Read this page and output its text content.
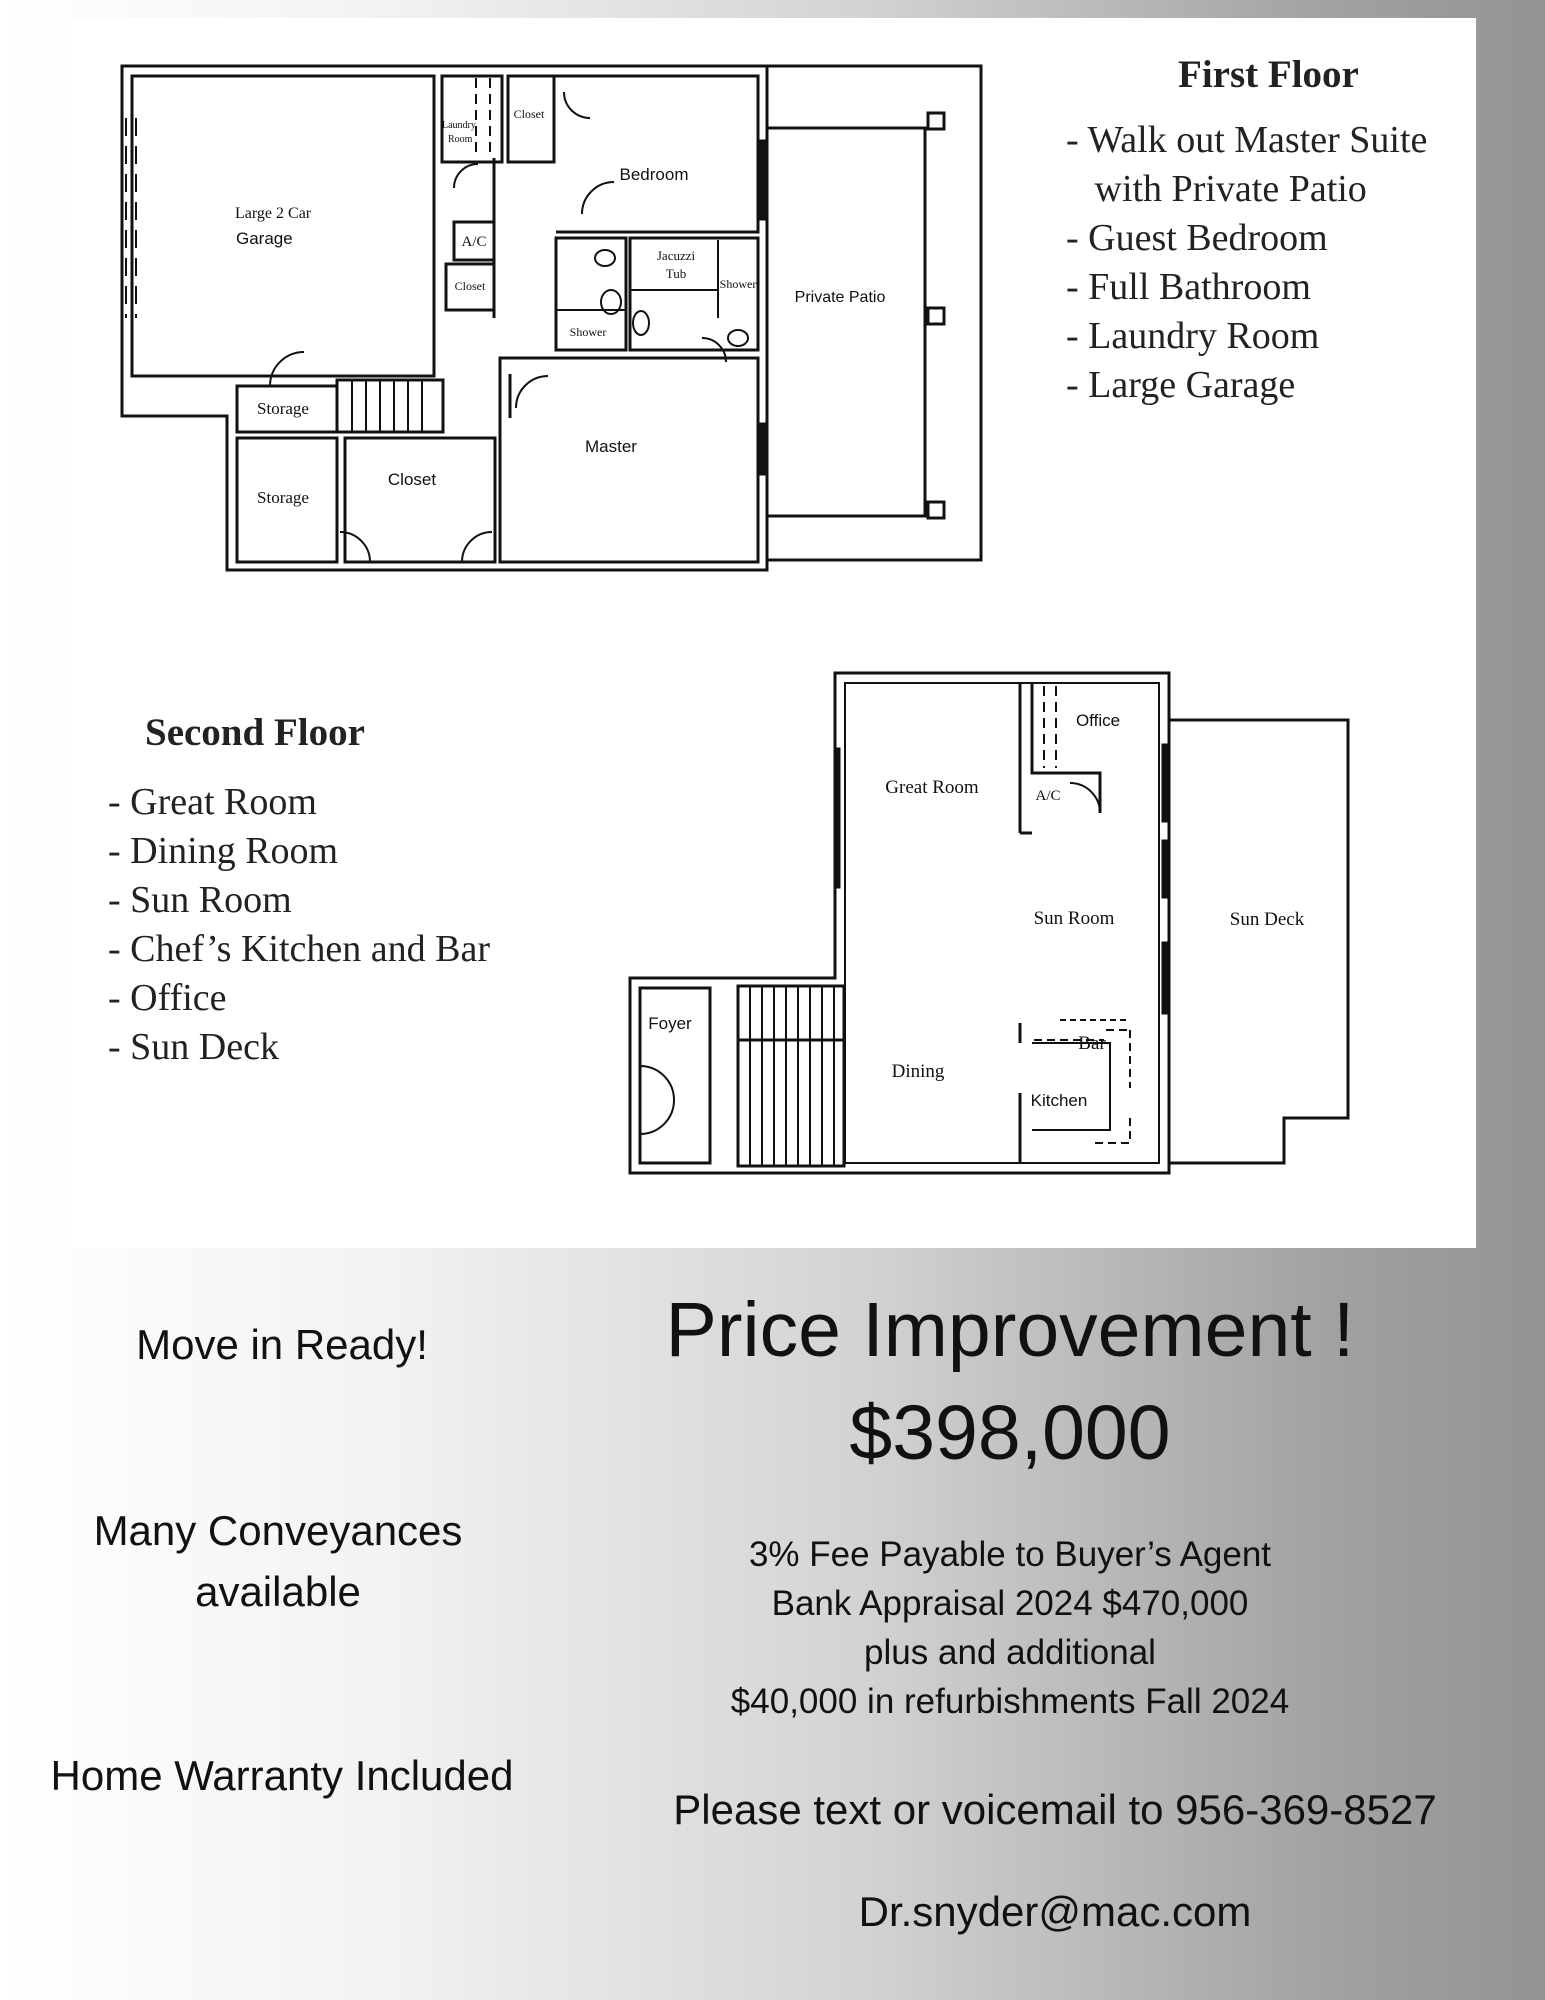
Large 2 Car
Laundry
Room
Closet
A/C
Closet
Jacuzzi
Tub
Shower
Shower
Storage
Storage
Garage
Bedroom
Private Patio
Closet
Master
Office
Foyer
Kitchen
Great Room	A/C
Sun Room	Sun Deck
Bar
Dining
First Floor
- Walk out Master Suite
with Private Patio
- Guest Bedroom
- Full Bathroom
- Laundry Room
- Large Garage
Second Floor
- Great Room
- Dining Room
- Sun Room
- Chef’s Kitchen and Bar
- Office
- Sun Deck
Move in Ready!
Many Conveyances
available
Home Warranty Included
Price Improvement !
$398,000
3% Fee Payable to Buyer’s Agent
Bank Appraisal 2024 $470,000
plus and additional
$40,000 in refurbishments Fall 2024
Please text or voicemail to 956-369-8527
Dr.snyder@mac.com
